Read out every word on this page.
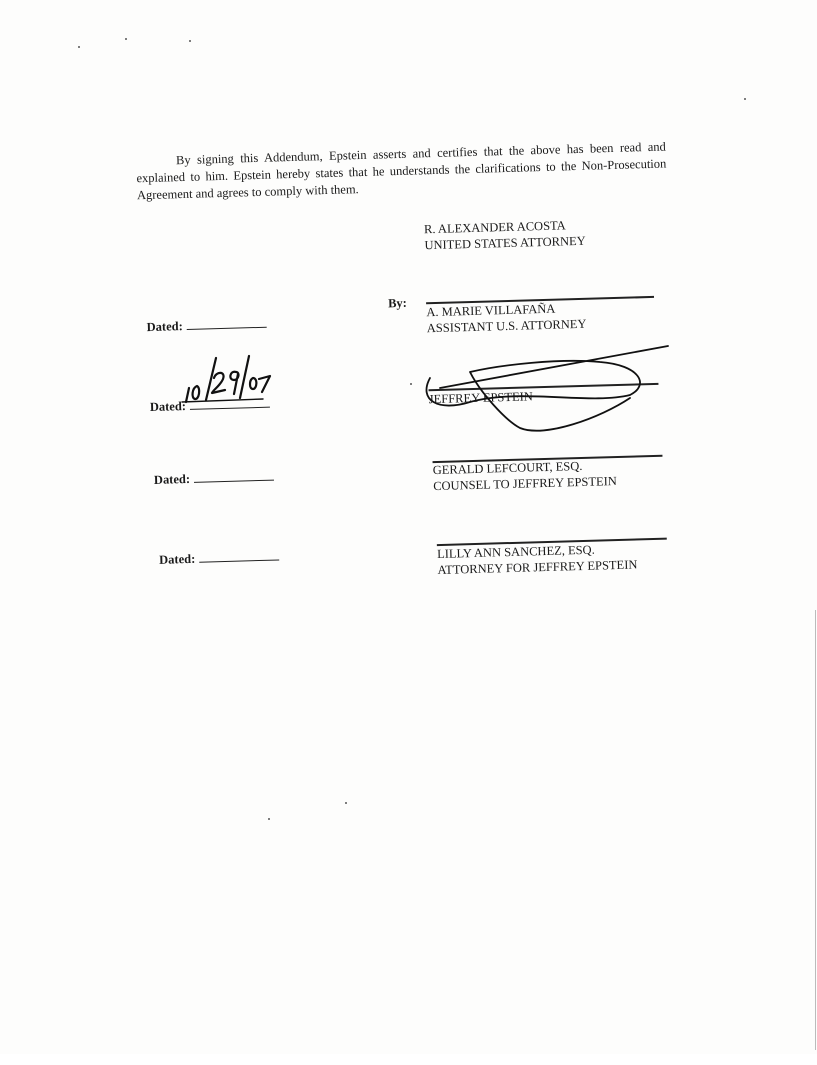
By signing this Addendum, Epstein asserts and certifies that the above has been read and explained to him. Epstein hereby states that he understands the clarifications to the Non-Prosecution Agreement and agrees to comply with them.

R. ALEXANDER ACOSTA
UNITED STATES ATTORNEY
Dated:
By: A. MARIE VILLAFAÑA
ASSISTANT U.S. ATTORNEY
Dated:
JEFFREY EPSTEIN
Dated:
GERALD LEFCOURT, ESQ.
COUNSEL TO JEFFREY EPSTEIN
Dated:	LILLY ANN SANCHEZ, ESQ.
ATTORNEY FOR JEFFREY EPSTEIN
